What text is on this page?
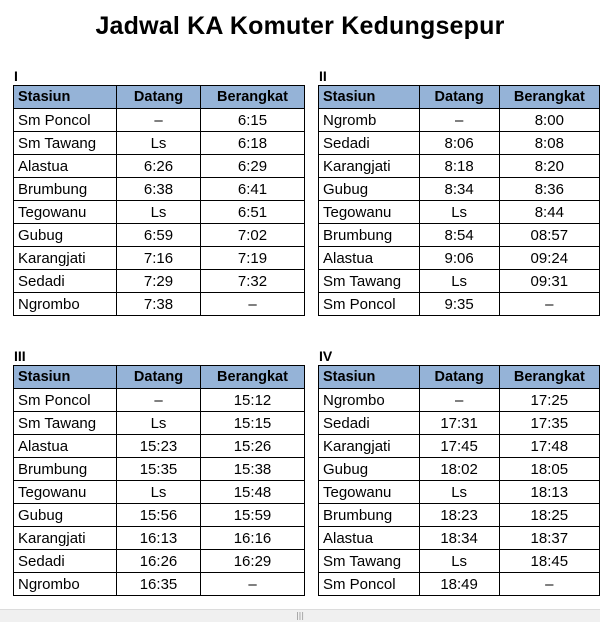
Jadwal KA Komuter Kedungsepur
I
Stasiun	Datang	Berangkat
Sm Poncol	–	6:15
Sm Tawang	Ls	6:18
Alastua	6:26	6:29
Brumbung	6:38	6:41
Tegowanu	Ls	6:51
Gubug	6:59	7:02
Karangjati	7:16	7:19
Sedadi	7:29	7:32
Ngrombo	7:38	–
II
Stasiun	Datang	Berangkat
Ngromb	–	8:00
Sedadi	8:06	8:08
Karangjati	8:18	8:20
Gubug	8:34	8:36
Tegowanu	Ls	8:44
Brumbung	8:54	08:57
Alastua	9:06	09:24
Sm Tawang	Ls	09:31
Sm Poncol	9:35	–
III
Stasiun	Datang	Berangkat
Sm Poncol	–	15:12
Sm Tawang	Ls	15:15
Alastua	15:23	15:26
Brumbung	15:35	15:38
Tegowanu	Ls	15:48
Gubug	15:56	15:59
Karangjati	16:13	16:16
Sedadi	16:26	16:29
Ngrombo	16:35	–
IV
Stasiun	Datang	Berangkat
Ngrombo	–	17:25
Sedadi	17:31	17:35
Karangjati	17:45	17:48
Gubug	18:02	18:05
Tegowanu	Ls	18:13
Brumbung	18:23	18:25
Alastua	18:34	18:37
Sm Tawang	Ls	18:45
Sm Poncol	18:49	–
|||
